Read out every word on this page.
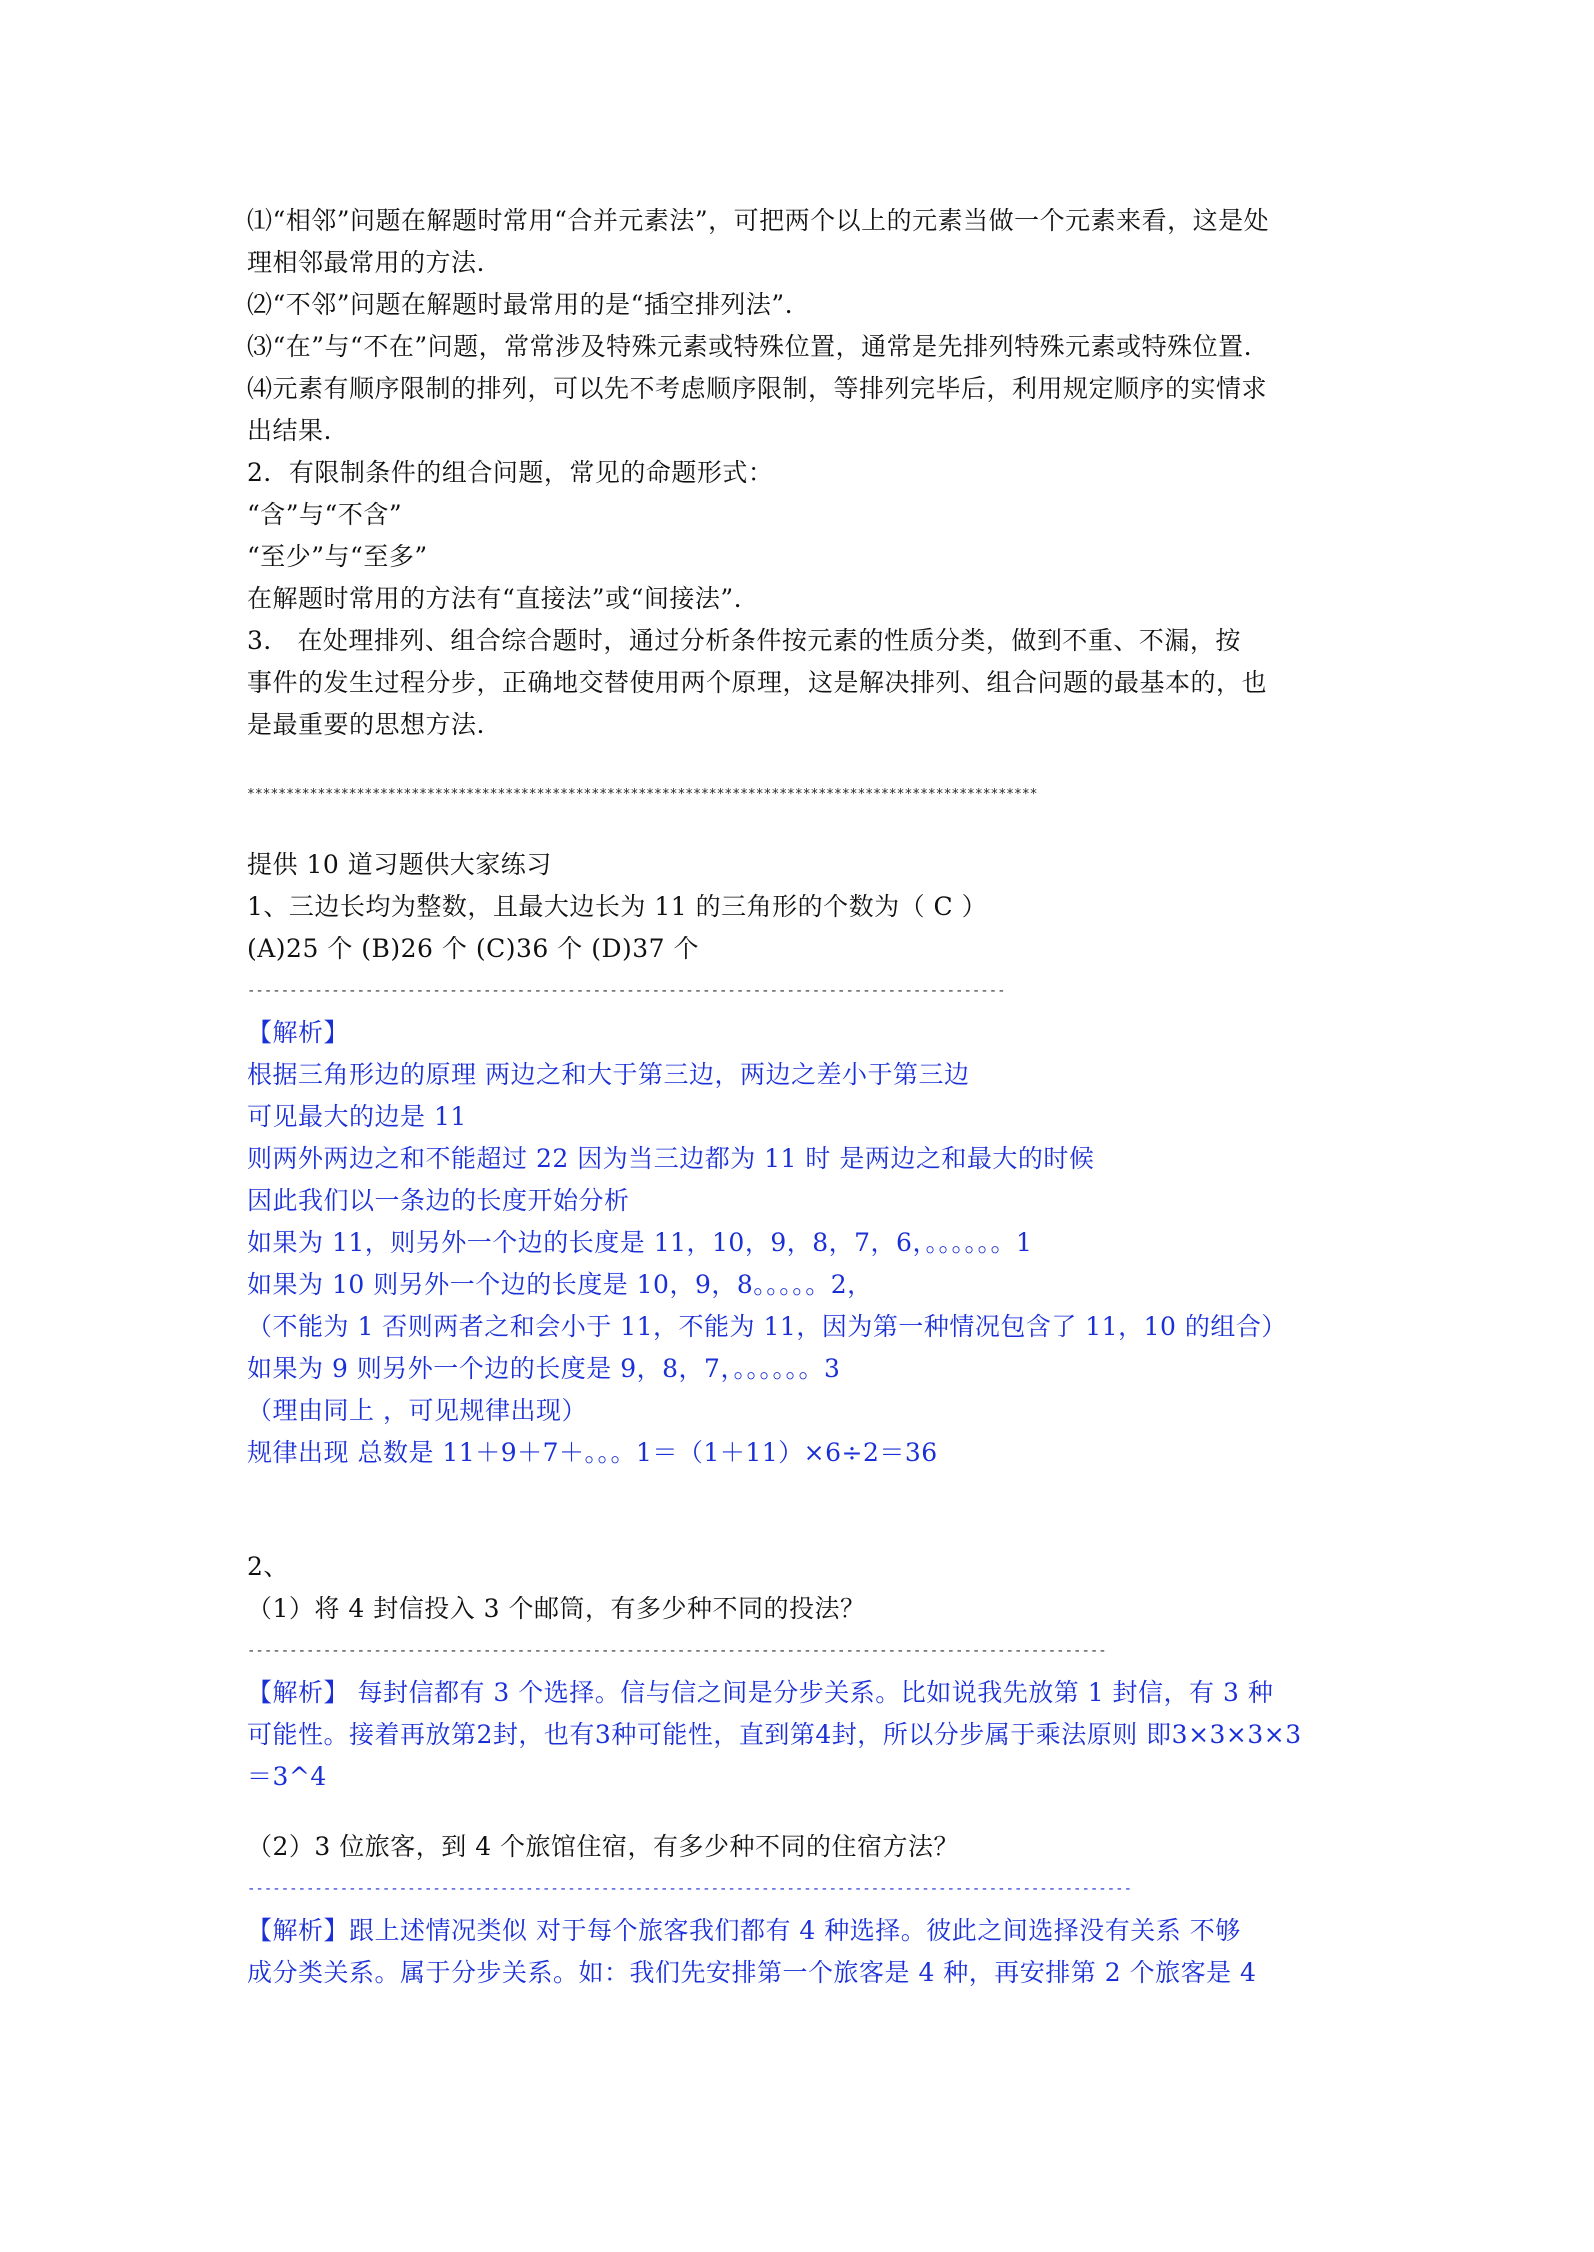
⑴“相邻”问题在解题时常用“合并元素法”，可把两个以上的元素当做一个元素来看，这是处
理相邻最常用的方法.
⑵“不邻”问题在解题时最常用的是“插空排列法”.
⑶“在”与“不在”问题，常常涉及特殊元素或特殊位置，通常是先排列特殊元素或特殊位置.
⑷元素有顺序限制的排列，可以先不考虑顺序限制，等排列完毕后，利用规定顺序的实情求
出结果.
2．有限制条件的组合问题，常见的命题形式：
“含”与“不含”
“至少”与“至多”
在解题时常用的方法有“直接法”或“间接法”.
3． 在处理排列、组合综合题时，通过分析条件按元素的性质分类，做到不重、不漏，按
事件的发生过程分步，正确地交替使用两个原理，这是解决排列、组合问题的最基本的，也
是最重要的思想方法.
*****************************************************************************************************
提供 10 道习题供大家练习
1、三边长均为整数，且最大边长为 11 的三角形的个数为（ C ）
(A)25 个 (B)26 个 (C)36 个 (D)37 个
------------------------------------------------------------------------------------------
【解析】
根据三角形边的原理 两边之和大于第三边，两边之差小于第三边
可见最大的边是 11
则两外两边之和不能超过 22 因为当三边都为 11 时 是两边之和最大的时候
因此我们以一条边的长度开始分析
如果为 11，则另外一个边的长度是 11，10，9，8，7，6，。。。。。。1
如果为 10 则另外一个边的长度是 10，9，8。。。。。2，
（不能为 1 否则两者之和会小于 11，不能为 11，因为第一种情况包含了 11，10 的组合）
如果为 9 则另外一个边的长度是 9，8，7，。。。。。。3
（理由同上 ，可见规律出现）
规律出现 总数是 11＋9＋7＋。。。1＝（1＋11）×6÷2＝36
2、
（1）将 4 封信投入 3 个邮筒，有多少种不同的投法？
------------------------------------------------------------------------------------------------------
【解析】 每封信都有 3 个选择。信与信之间是分步关系。比如说我先放第 1 封信，有 3 种
可能性。接着再放第2封，也有3种可能性，直到第4封，所以分步属于乘法原则 即3×3×3×3
＝3^4
（2）3 位旅客，到 4 个旅馆住宿，有多少种不同的住宿方法？
---------------------------------------------------------------------------------------------------------
【解析】跟上述情况类似 对于每个旅客我们都有 4 种选择。彼此之间选择没有关系 不够
成分类关系。属于分步关系。如：我们先安排第一个旅客是 4 种，再安排第 2 个旅客是 4
